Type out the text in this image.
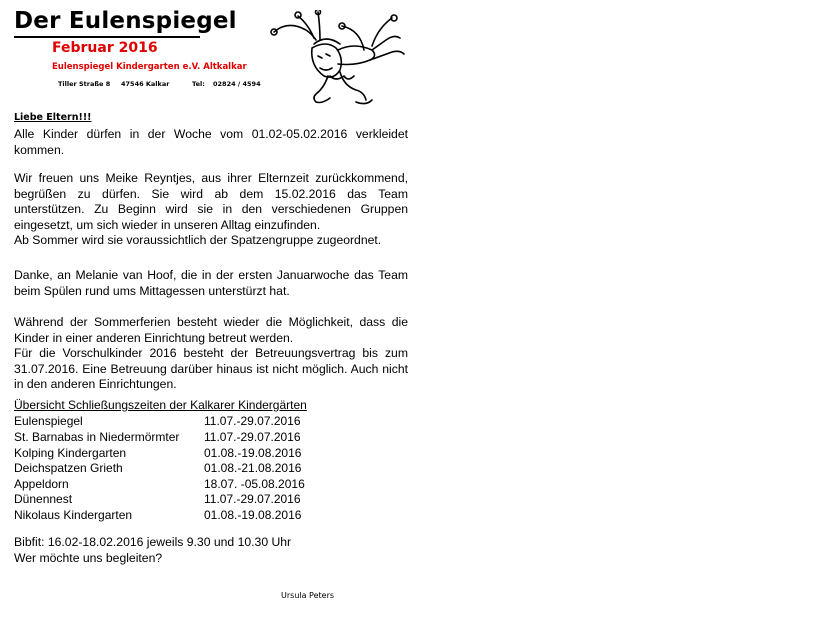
Der Eulenspiegel
Februar 2016
Eulenspiegel Kindergarten e.V. Altkalkar
Tiller Straße 8 47546 Kalkar	Tel: 02824 / 4594
Liebe Eltern!!!

Alle Kinder dürfen in der Woche vom 01.02-05.02.2016 verkleidet kommen.

Wir freuen uns Meike Reyntjes, aus ihrer Elternzeit zurückkommend, begrüßen zu dürfen. Sie wird ab dem 15.02.2016 das Team unterstützen. Zu Beginn wird sie in den verschiedenen Gruppen eingesetzt, um sich wieder in unseren Alltag einzufinden.

Ab Sommer wird sie voraussichtlich der Spatzengruppe zugeordnet.

Danke, an Melanie van Hoof, die in der ersten Januarwoche das Team beim Spülen rund ums Mittagessen unterstürzt hat.

Während der Sommerferien besteht wieder die Möglichkeit, dass die Kinder in einer anderen Einrichtung betreut werden.

Für die Vorschulkinder 2016 besteht der Betreuungsvertrag bis zum 31.07.2016. Eine Betreuung darüber hinaus ist nicht möglich. Auch nicht in den anderen Einrichtungen.

Übersicht Schließungszeiten der Kalkarer Kindergärten
Eulenspiegel	11.07.-29.07.2016
St. Barnabas in Niedermörmter 11.07.-29.07.2016
Kolping Kindergarten	01.08.-19.08.2016
Deichspatzen Grieth	01.08.-21.08.2016
Appeldorn	18.07. -05.08.2016
Dünennest	11.07.-29.07.2016
Nikolaus Kindergarten	01.08.-19.08.2016

Bibfit: 16.02-18.02.2016 jeweils 9.30 und 10.30 Uhr

Wer möchte uns begleiten?

Ursula Peters
